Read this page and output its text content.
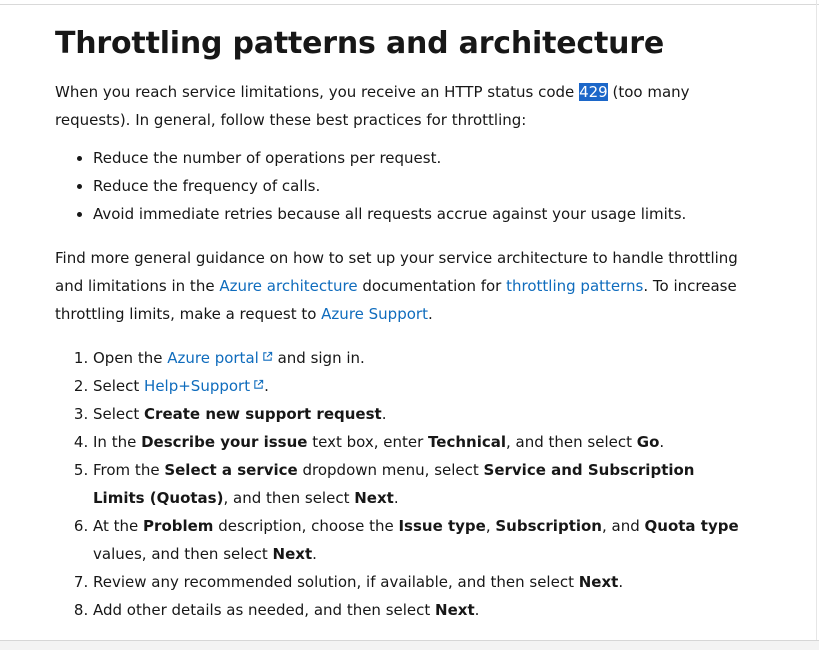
Throttling patterns and architecture

When you reach service limitations, you receive an HTTP status code 429 (too many requests). In general, follow these best practices for throttling:

• Reduce the number of operations per request.
• Reduce the frequency of calls.
• Avoid immediate retries because all requests accrue against your usage limits.

Find more general guidance on how to set up your service architecture to handle throttling and limitations in the Azure architecture documentation for throttling patterns. To increase throttling limits, make a request to Azure Support.

1. Open the Azure portal and sign in.
2. Select Help+Support .
3. Select Create new support request.
4. In the Describe your issue text box, enter Technical, and then select Go.
5. From the Select a service dropdown menu, select Service and Subscription Limits (Quotas), and then select Next.
6. At the Problem description, choose the Issue type, Subscription, and Quota type values, and then select Next.
7. Review any recommended solution, if available, and then select Next.
8. Add other details as needed, and then select Next.
